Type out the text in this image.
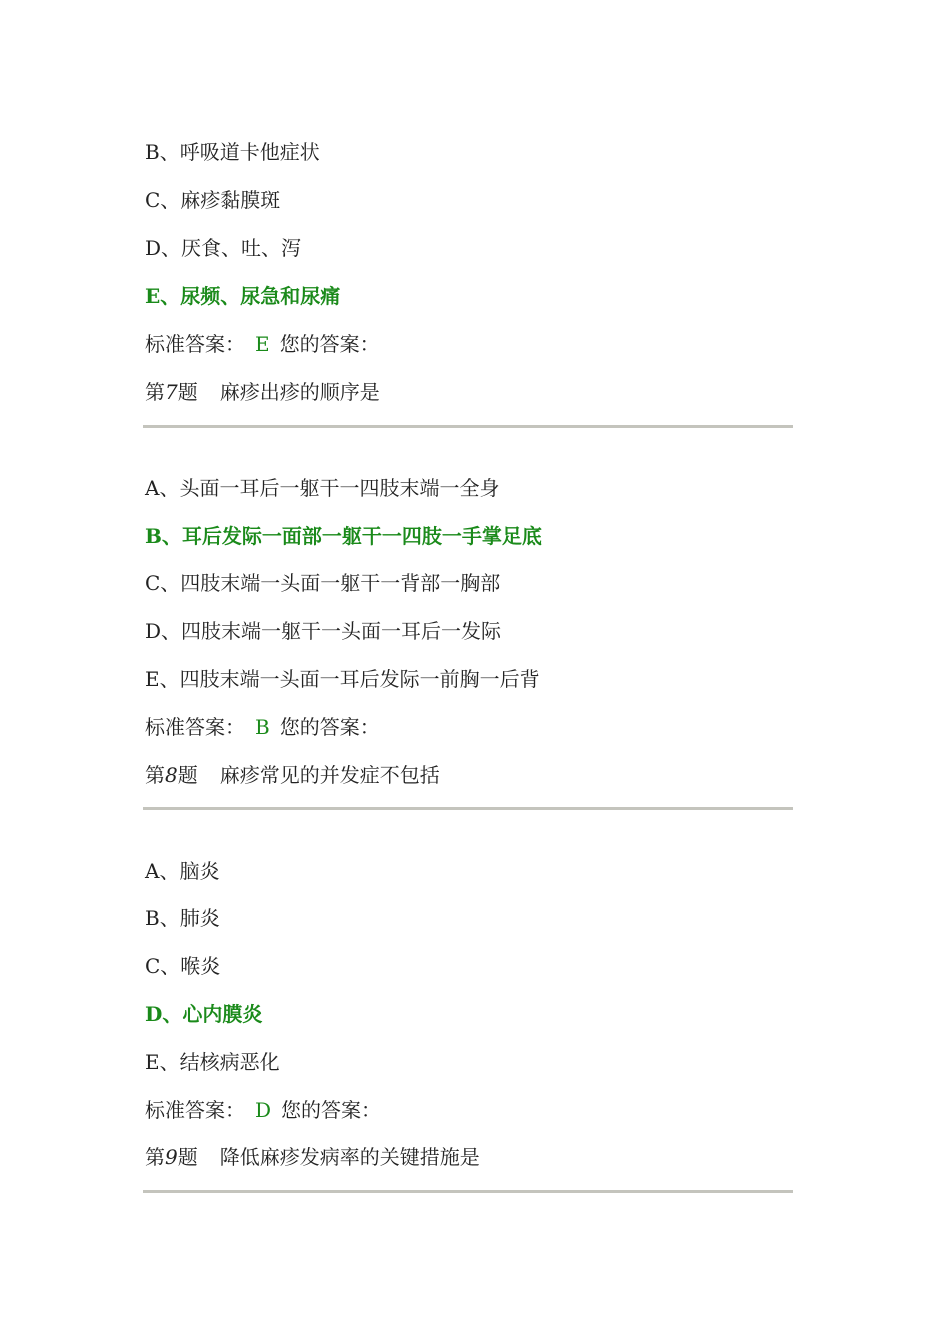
B、呼吸道卡他症状
C、麻疹黏膜斑
D、厌食、吐、泻
E、尿频、尿急和尿痛
标准答案： E 您的答案：
第7题 麻疹出疹的顺序是
A、头面一耳后一躯干一四肢末端一全身
B、耳后发际一面部一躯干一四肢一手掌足底
C、四肢末端一头面一躯干一背部一胸部
D、四肢末端一躯干一头面一耳后一发际
E、四肢末端一头面一耳后发际一前胸一后背
标准答案： B 您的答案：
第8题 麻疹常见的并发症不包括
A、脑炎
B、肺炎
C、喉炎
D、心内膜炎
E、结核病恶化
标准答案： D 您的答案：
第9题 降低麻疹发病率的关键措施是
